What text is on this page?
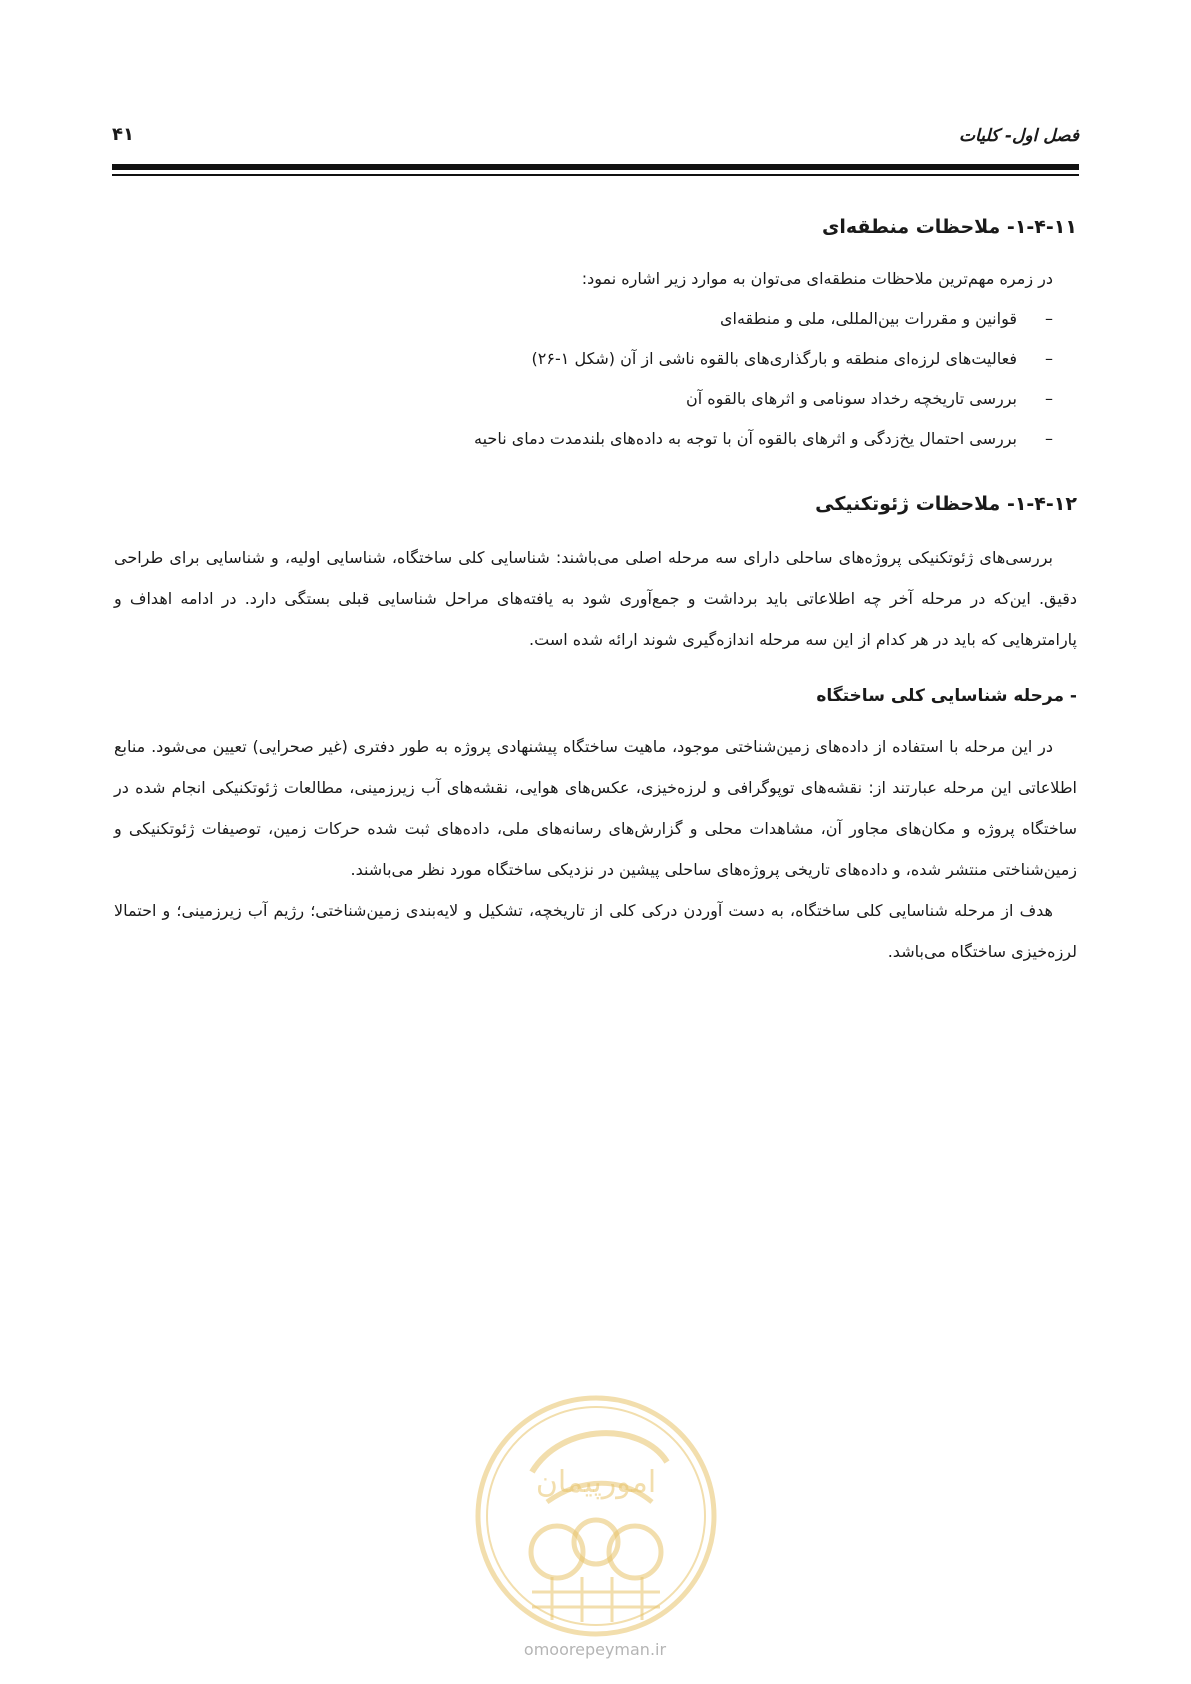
فصل اول- کلیات
۴۱
۱-۴-۱۱- ملاحظات منطقه‌ای

در زمره مهم‌ترین ملاحظات منطقه‌ای می‌توان به موارد زیر اشاره نمود:

–
قوانین و مقررات بین‌المللی، ملی و منطقه‌ای
–
فعالیت‌های لرزه‌ای منطقه و بارگذاری‌های بالقوه ناشی از آن (شکل ۱-۲۶)
–
بررسی تاریخچه رخداد سونامی و اثرهای بالقوه آن
–
بررسی احتمال یخ‌زدگی و اثرهای بالقوه آن با توجه به داده‌های بلندمدت دمای ناحیه
۱-۴-۱۲- ملاحظات ژئوتکنیکی

بررسی‌های ژئوتکنیکی پروژه‌های ساحلی دارای سه مرحله اصلی می‌باشند: شناسایی کلی ساختگاه، شناسایی اولیه، و شناسایی برای طراحی دقیق. این‌که در مرحله آخر چه اطلاعاتی باید برداشت و جمع‌آوری شود به یافته‌های مراحل شناسایی قبلی بستگی دارد. در ادامه اهداف و پارامترهایی که باید در هر کدام از این سه مرحله اندازه‌گیری شوند ارائه شده است.

- مرحله شناسایی کلی ساختگاه

در این مرحله با استفاده از داده‌های زمین‌شناختی موجود، ماهیت ساختگاه پیشنهادی پروژه به طور دفتری (غیر صحرایی) تعیین می‌شود. منابع اطلاعاتی این مرحله عبارتند از: نقشه‌های توپوگرافی و لرزه‌خیزی، عکس‌های هوایی، نقشه‌های آب زیرزمینی، مطالعات ژئوتکنیکی انجام شده در ساختگاه پروژه و مکان‌های مجاور آن، مشاهدات محلی و گزارش‌های رسانه‌های ملی، داده‌های ثبت شده حرکات زمین، توصیفات ژئوتکنیکی و زمین‌شناختی منتشر شده، و داده‌های تاریخی پروژه‌های ساحلی پیشین در نزدیکی ساختگاه مورد نظر می‌باشند.

هدف از مرحله شناسایی کلی ساختگاه، به دست آوردن درکی کلی از تاریخچه، تشکیل و لایه‌بندی زمین‌شناختی؛ رژیم آب زیرزمینی؛ و احتمالا لرزه‌خیزی ساختگاه می‌باشد.

امورپیمان
omoorepeyman.ir
